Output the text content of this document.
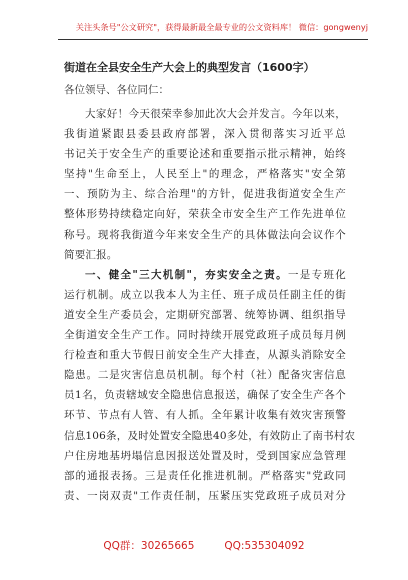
关注头条号"公文研究"，获得最新最全最专业的公文资料库！ 微信：gongwenyj
街道在全县安全生产大会上的典型发言（1600字）
各位领导、各位同仁：
大家好！今天很荣幸参加此次大会并发言。今年以来，
我街道紧跟县委县政府部署，深入贯彻落实习近平总
书记关于安全生产的重要论述和重要指示批示精神，始终
坚持"生命至上，人民至上"的理念，严格落实"安全第
一、预防为主、综合治理"的方针，促进我街道安全生产
整体形势持续稳定向好，荣获全市安全生产工作先进单位
称号。现将我街道今年来安全生产的具体做法向会议作个
简要汇报。
一、健全"三大机制"，夯实安全之责。一是专班化
运行机制。成立以我本人为主任、班子成员任副主任的街
道安全生产委员会，定期研究部署、统筹协调、组织指导
全街道安全生产工作。同时持续开展党政班子成员每月例
行检查和重大节假日前安全生产大排查，从源头消除安全
隐患。二是灾害信息员机制。每个村（社）配备灾害信息
员1名，负责辖域安全隐患信息报送，确保了安全生产各个
环节、节点有人管、有人抓。全年累计收集有效灾害预警
信息106条，及时处置安全隐患40多处，有效防止了南书村农
户住房地基坍塌信息因报送处置及时，受到国家应急管理
部的通报表扬。三是责任化推进机制。严格落实"党政同
责、一岗双责"工作责任制，压紧压实党政班子成员对分
QQ群：30265665	QQ:535304092
